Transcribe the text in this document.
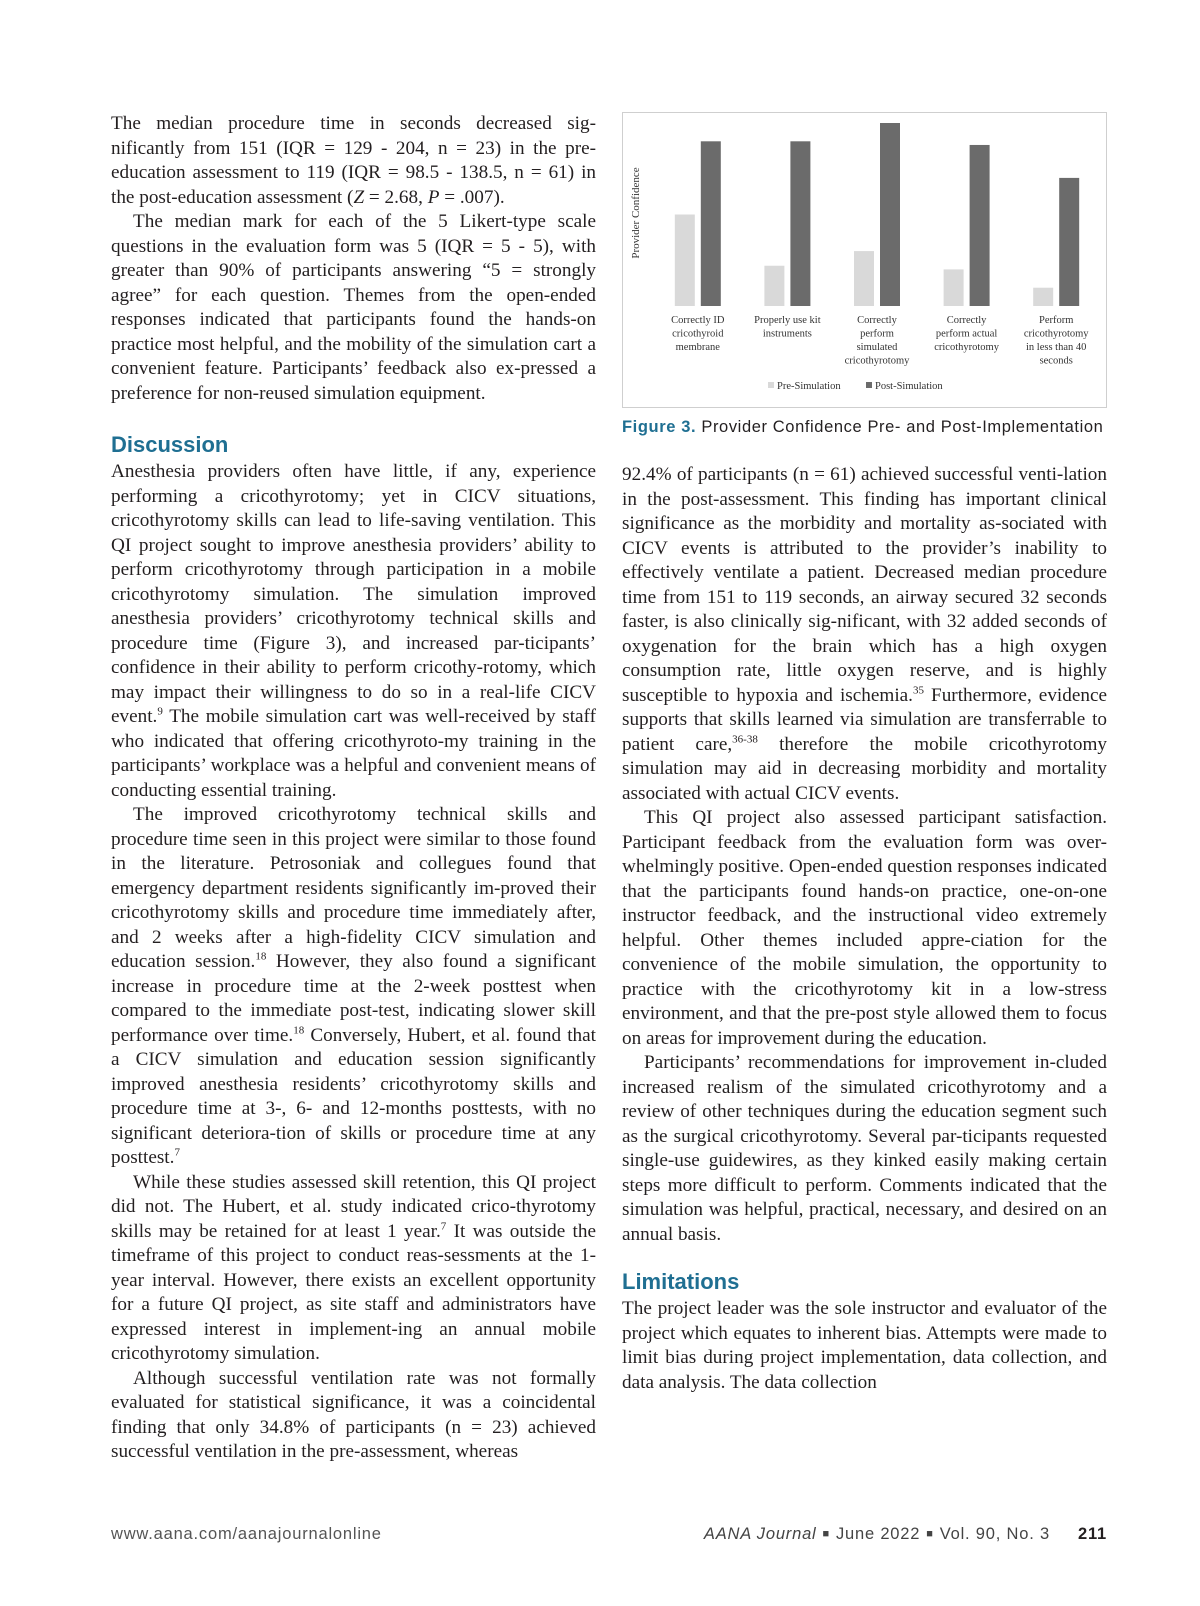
The median procedure time in seconds decreased sig- nificantly from 151 (IQR = 129 - 204, n = 23) in the pre-education assessment to 119 (IQR = 98.5 - 138.5, n = 61) in the post-education assessment (Z = 2.68, P = .007).

The median mark for each of the 5 Likert-type scale questions in the evaluation form was 5 (IQR = 5 - 5), with greater than 90% of participants answering “5 = strongly agree” for each question. Themes from the open-ended responses indicated that participants found the hands-on practice most helpful, and the mobility of the simulation cart a convenient feature. Participants’ feedback also ex-pressed a preference for non-reused simulation equipment.

Discussion

Anesthesia providers often have little, if any, experience performing a cricothyrotomy; yet in CICV situations, cricothyrotomy skills can lead to life-saving ventilation. This QI project sought to improve anesthesia providers’ ability to perform cricothyrotomy through participation in a mobile cricothyrotomy simulation. The simulation improved anesthesia providers’ cricothyrotomy technical skills and procedure time (Figure 3), and increased par-ticipants’ confidence in their ability to perform cricothy-rotomy, which may impact their willingness to do so in a real-life CICV event.$^9$ The mobile simulation cart was well-received by staff who indicated that offering cricothyroto-my training in the participants’ workplace was a helpful and convenient means of conducting essential training.

The improved cricothyrotomy technical skills and procedure time seen in this project were similar to those found in the literature. Petrosoniak and collegues found that emergency department residents significantly im-proved their cricothyrotomy skills and procedure time immediately after, and 2 weeks after a high-fidelity CICV simulation and education session.$^{18}$ However, they also found a significant increase in procedure time at the 2-week posttest when compared to the immediate post-test, indicating slower skill performance over time.$^{18}$ Conversely, Hubert, et al. found that a CICV simulation and education session significantly improved anesthesia residents’ cricothyrotomy skills and procedure time at 3-, 6- and 12-months posttests, with no significant deteriora-tion of skills or procedure time at any posttest.$^7$

While these studies assessed skill retention, this QI project did not. The Hubert, et al. study indicated crico-thyrotomy skills may be retained for at least 1 year.$^7$ It was outside the timeframe of this project to conduct reas-sessments at the 1-year interval. However, there exists an excellent opportunity for a future QI project, as site staff and administrators have expressed interest in implement-ing an annual mobile cricothyrotomy simulation.

Although successful ventilation rate was not formally evaluated for statistical significance, it was a coincidental finding that only 34.8% of participants (n = 23) achieved successful ventilation in the pre-assessment, whereas

Provider Confidence
Correctly ID cricothyroid membrane
Properly use kit instruments
Correctly perform simulated cricothyrotomy
Correctly perform actual cricothyrotomy
Perform cricothyrotomy in less than 40 seconds
Pre-Simulation	Post-Simulation
Figure 3. Provider Confidence Pre- and Post-Implementation

92.4% of participants (n = 61) achieved successful venti-lation in the post-assessment. This finding has important clinical significance as the morbidity and mortality as-sociated with CICV events is attributed to the provider’s inability to effectively ventilate a patient. Decreased median procedure time from 151 to 119 seconds, an airway secured 32 seconds faster, is also clinically sig-nificant, with 32 added seconds of oxygenation for the brain which has a high oxygen consumption rate, little oxygen reserve, and is highly susceptible to hypoxia and ischemia.$^{35}$ Furthermore, evidence supports that skills learned via simulation are transferrable to patient care,$^{36-38}$ therefore the mobile cricothyrotomy simulation may aid in decreasing morbidity and mortality associated with actual CICV events.

This QI project also assessed participant satisfaction. Participant feedback from the evaluation form was over-whelmingly positive. Open-ended question responses indicated that the participants found hands-on practice, one-on-one instructor feedback, and the instructional video extremely helpful. Other themes included appre-ciation for the convenience of the mobile simulation, the opportunity to practice with the cricothyrotomy kit in a low-stress environment, and that the pre-post style allowed them to focus on areas for improvement during the education.

Participants’ recommendations for improvement in-cluded increased realism of the simulated cricothyrotomy and a review of other techniques during the education segment such as the surgical cricothyrotomy. Several par-ticipants requested single-use guidewires, as they kinked easily making certain steps more difficult to perform. Comments indicated that the simulation was helpful, practical, necessary, and desired on an annual basis.

Limitations

The project leader was the sole instructor and evaluator of the project which equates to inherent bias. Attempts were made to limit bias during project implementation, data collection, and data analysis. The data collection

www.aana.com/aanajournalonline	AANA Journal ■ June 2022 ■ Vol. 90, No. 3 211
